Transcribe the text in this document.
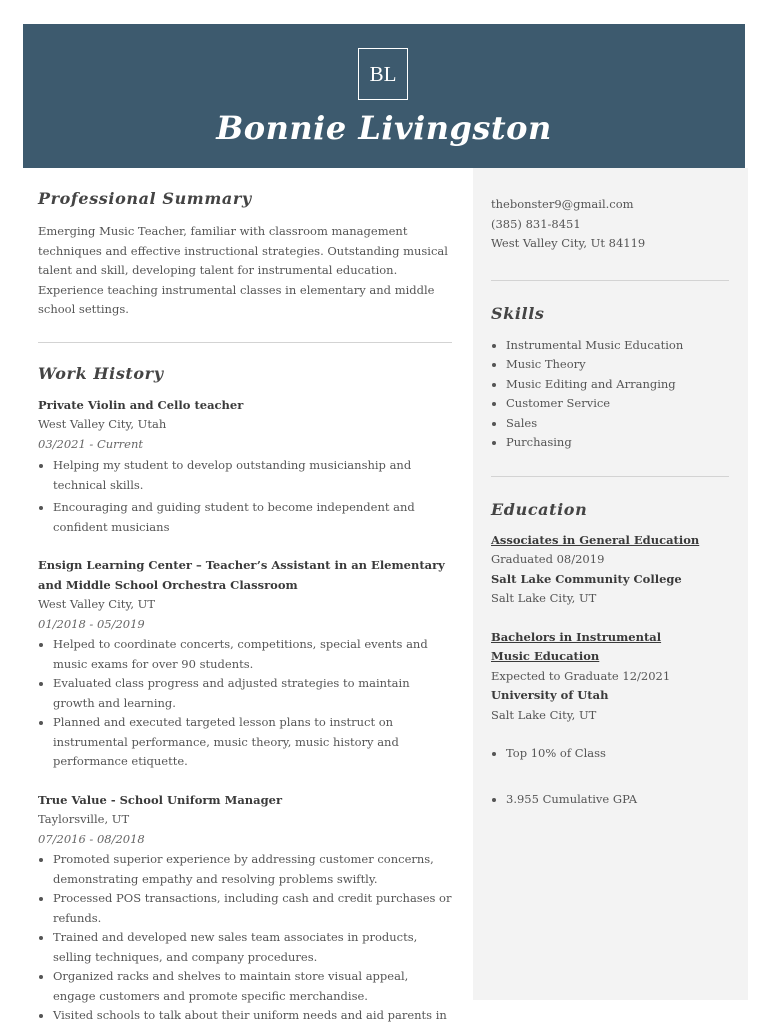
BL
Bonnie Livingston
Professional Summary
Emerging Music Teacher, familiar with classroom management techniques and effective instructional strategies. Outstanding musical talent and skill, developing talent for instrumental education. Experience teaching instrumental classes in elementary and middle school settings.
Work History
Private Violin and Cello teacher
West Valley City, Utah
03/2021 - Current
Helping my student to develop outstanding musicianship and technical skills.
Encouraging and guiding student to become independent and confident musicians
Ensign Learning Center – Teacher’s Assistant in an Elementary and Middle School Orchestra Classroom
West Valley City, UT
01/2018 - 05/2019
Helped to coordinate concerts, competitions, special events and music exams for over 90 students.
Evaluated class progress and adjusted strategies to maintain growth and learning.
Planned and executed targeted lesson plans to instruct on instrumental performance, music theory, music history and performance etiquette.
True Value - School Uniform Manager
Taylorsville, UT
07/2016 - 08/2018
Promoted superior experience by addressing customer concerns, demonstrating empathy and resolving problems swiftly.
Processed POS transactions, including cash and credit purchases or refunds.
Trained and developed new sales team associates in products, selling techniques, and company procedures.
Organized racks and shelves to maintain store visual appeal, engage customers and promote specific merchandise.
Visited schools to talk about their uniform needs and aid parents in
thebonster9@gmail.com
(385) 831-8451
West Valley City, Ut 84119
Skills
Instrumental Music Education
Music Theory
Music Editing and Arranging
Customer Service
Sales
Purchasing
Education
Associates in General Education
Graduated 08/2019
Salt Lake Community College
Salt Lake City, UT
Bachelors in Instrumental Music Education
Expected to Graduate 12/2021
University of Utah
Salt Lake City, UT
Top 10% of Class
3.955 Cumulative GPA
